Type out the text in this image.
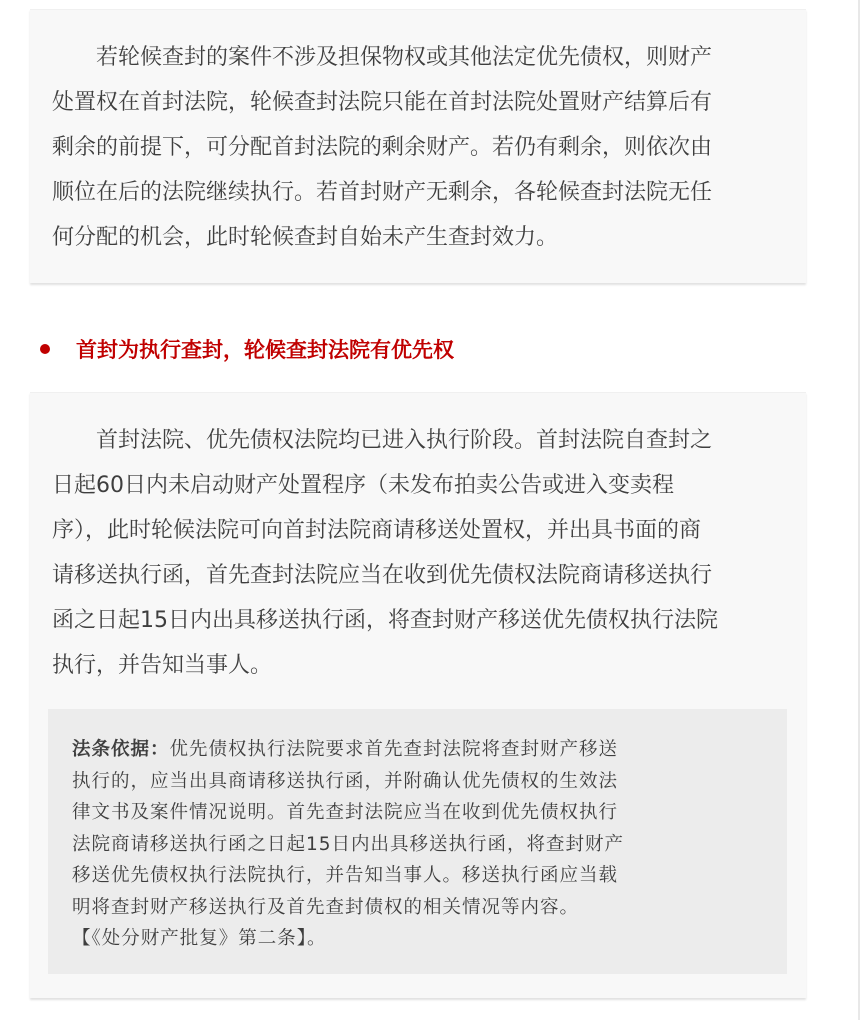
　　若轮候查封的案件不涉及担保物权或其他法定优先债权，则财产
处置权在首封法院，轮候查封法院只能在首封法院处置财产结算后有
剩余的前提下，可分配首封法院的剩余财产。若仍有剩余，则依次由
顺位在后的法院继续执行。若首封财产无剩余，各轮候查封法院无任
何分配的机会，此时轮候查封自始未产生查封效力。
首封为执行查封，轮候查封法院有优先权
　　首封法院、优先债权法院均已进入执行阶段。首封法院自查封之
日起60日内未启动财产处置程序（未发布拍卖公告或进入变卖程
序），此时轮候法院可向首封法院商请移送处置权，并出具书面的商
请移送执行函，首先查封法院应当在收到优先债权法院商请移送执行
函之日起15日内出具移送执行函，将查封财产移送优先债权执行法院
执行，并告知当事人。
法条依据：优先债权执行法院要求首先查封法院将查封财产移送
执行的，应当出具商请移送执行函，并附确认优先债权的生效法
律文书及案件情况说明。首先查封法院应当在收到优先债权执行
法院商请移送执行函之日起15日内出具移送执行函，将查封财产
移送优先债权执行法院执行，并告知当事人。移送执行函应当载
明将查封财产移送执行及首先查封债权的相关情况等内容。
【《处分财产批复》第二条】。
